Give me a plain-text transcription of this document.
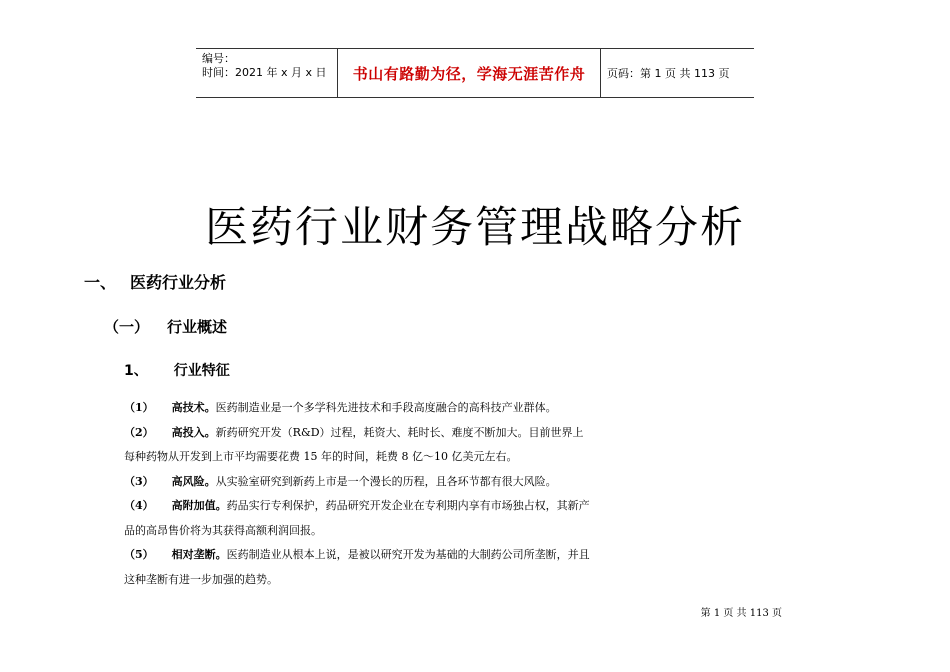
编号：
时间：2021 年 x 月 x 日	书山有路勤为径，学海无涯苦作舟	页码：第 1 页 共 113 页
医药行业财务管理战略分析
一、 医药行业分析
（一） 行业概述
1、 行业特征
（1） 高技术。医药制造业是一个多学科先进技术和手段高度融合的高科技产业群体。
（2） 高投入。新药研究开发（R&D）过程，耗资大、耗时长、难度不断加大。目前世界上
每种药物从开发到上市平均需要花费 15 年的时间，耗费 8 亿～10 亿美元左右。
（3） 高风险。从实验室研究到新药上市是一个漫长的历程，且各环节都有很大风险。
（4） 高附加值。药品实行专利保护，药品研究开发企业在专利期内享有市场独占权，其新产
品的高昂售价将为其获得高额利润回报。
（5） 相对垄断。医药制造业从根本上说，是被以研究开发为基础的大制药公司所垄断，并且
这种垄断有进一步加强的趋势。
第 1 页 共 113 页
